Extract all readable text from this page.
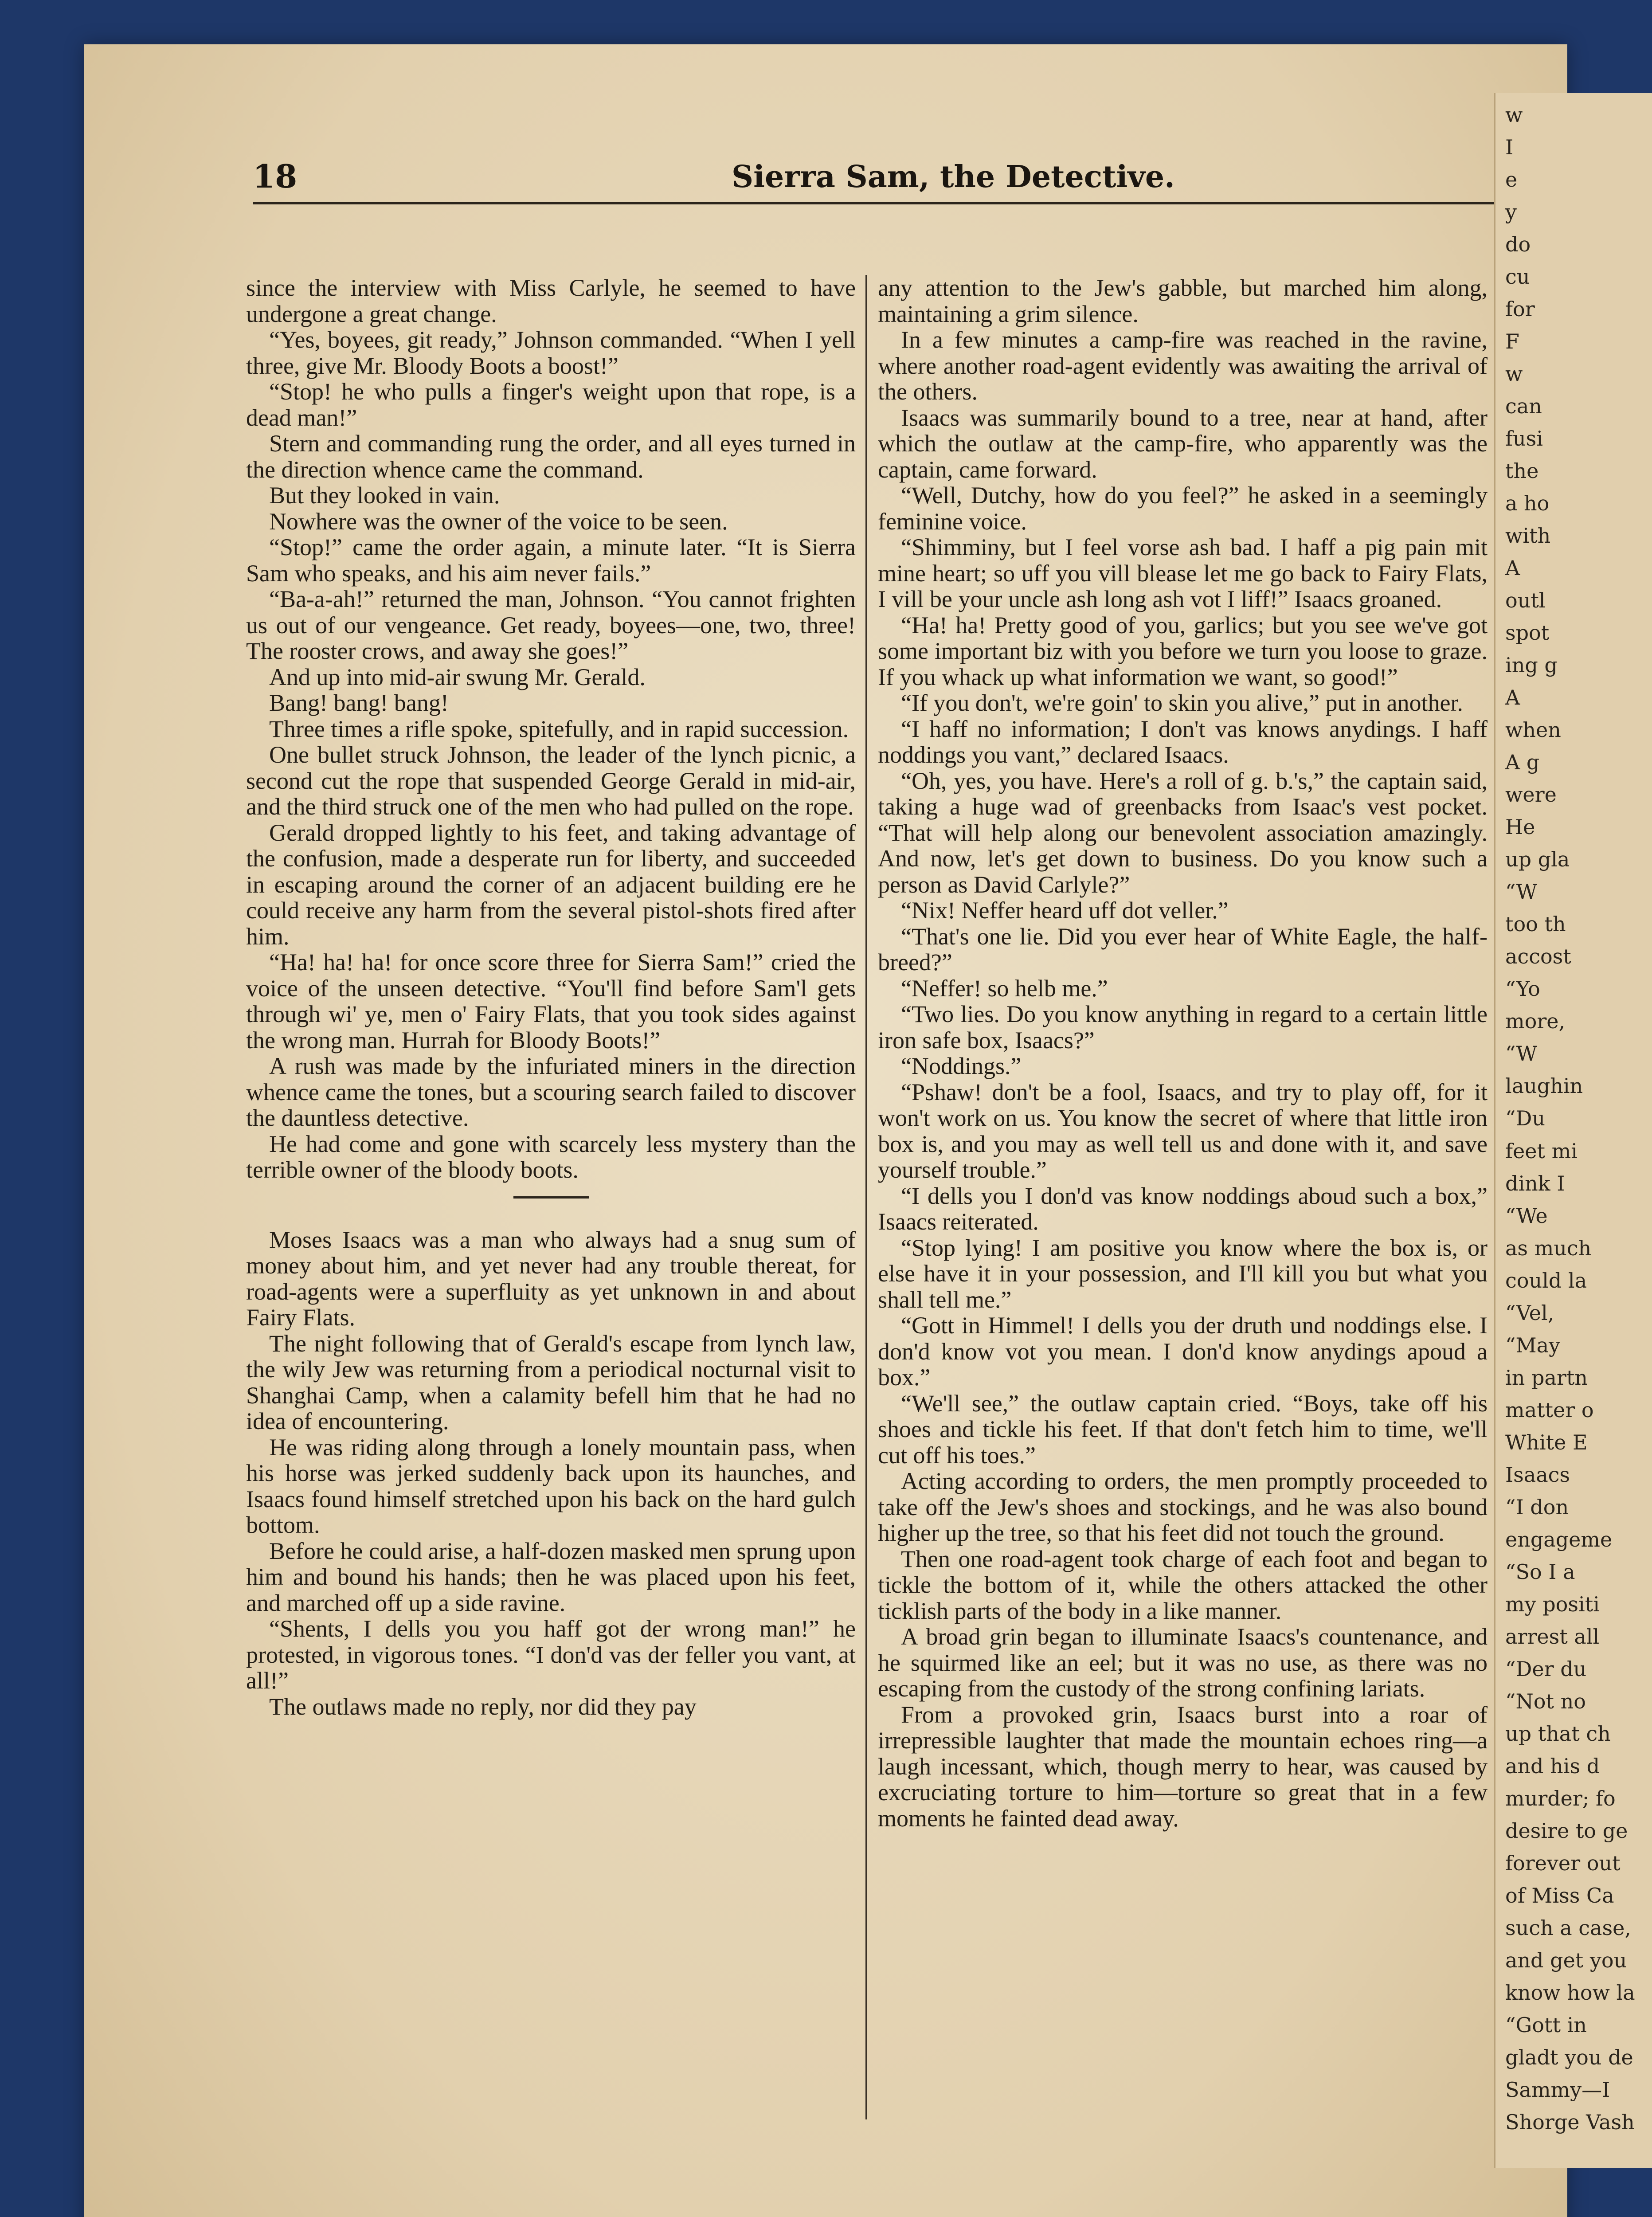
18	Sierra Sam, the Detective.

since the interview with Miss Carlyle, he seemed to have undergone a great change.

“Yes, boyees, git ready,” Johnson commanded. “When I yell three, give Mr. Bloody Boots a boost!”

“Stop! he who pulls a finger's weight upon that rope, is a dead man!”

Stern and commanding rung the order, and all eyes turned in the direction whence came the command.

But they looked in vain.

Nowhere was the owner of the voice to be seen.

“Stop!” came the order again, a minute later. “It is Sierra Sam who speaks, and his aim never fails.”

“Ba-a-ah!” returned the man, Johnson. “You cannot frighten us out of our vengeance. Get ready, boyees—one, two, three! The rooster crows, and away she goes!”

And up into mid-air swung Mr. Gerald.

Bang! bang! bang!

Three times a rifle spoke, spitefully, and in rapid succession.

One bullet struck Johnson, the leader of the lynch picnic, a second cut the rope that suspended George Gerald in mid-air, and the third struck one of the men who had pulled on the rope.

Gerald dropped lightly to his feet, and taking advantage of the confusion, made a desperate run for liberty, and succeeded in escaping around the corner of an adjacent building ere he could receive any harm from the several pistol-shots fired after him.

“Ha! ha! ha! for once score three for Sierra Sam!” cried the voice of the unseen detective. “You'll find before Sam'l gets through wi' ye, men o' Fairy Flats, that you took sides against the wrong man. Hurrah for Bloody Boots!”

A rush was made by the infuriated miners in the direction whence came the tones, but a scouring search failed to discover the dauntless detective.

He had come and gone with scarcely less mystery than the terrible owner of the bloody boots.

Moses Isaacs was a man who always had a snug sum of money about him, and yet never had any trouble thereat, for road-agents were a superfluity as yet unknown in and about Fairy Flats.

The night following that of Gerald's escape from lynch law, the wily Jew was returning from a periodical nocturnal visit to Shanghai Camp, when a calamity befell him that he had no idea of encountering.

He was riding along through a lonely mountain pass, when his horse was jerked suddenly back upon its haunches, and Isaacs found himself stretched upon his back on the hard gulch bottom.

Before he could arise, a half-dozen masked men sprung upon him and bound his hands; then he was placed upon his feet, and marched off up a side ravine.

“Shents, I dells you you haff got der wrong man!” he protested, in vigorous tones. “I don'd vas der feller you vant, at all!”

The outlaws made no reply, nor did they pay

any attention to the Jew's gabble, but marched him along, maintaining a grim silence.

In a few minutes a camp-fire was reached in the ravine, where another road-agent evidently was awaiting the arrival of the others.

Isaacs was summarily bound to a tree, near at hand, after which the outlaw at the camp-fire, who apparently was the captain, came forward.

“Well, Dutchy, how do you feel?” he asked in a seemingly feminine voice.

“Shimminy, but I feel vorse ash bad. I haff a pig pain mit mine heart; so uff you vill blease let me go back to Fairy Flats, I vill be your uncle ash long ash vot I liff!” Isaacs groaned.

“Ha! ha! Pretty good of you, garlics; but you see we've got some important biz with you before we turn you loose to graze. If you whack up what information we want, so good!”

“If you don't, we're goin' to skin you alive,” put in another.

“I haff no information; I don't vas knows anydings. I haff noddings you vant,” declared Isaacs.

“Oh, yes, you have. Here's a roll of g. b.'s,” the captain said, taking a huge wad of greenbacks from Isaac's vest pocket. “That will help along our benevolent association amazingly. And now, let's get down to business. Do you know such a person as David Carlyle?”

“Nix! Neffer heard uff dot veller.”

“That's one lie. Did you ever hear of White Eagle, the half-breed?”

“Neffer! so helb me.”

“Two lies. Do you know anything in regard to a certain little iron safe box, Isaacs?”

“Noddings.”

“Pshaw! don't be a fool, Isaacs, and try to play off, for it won't work on us. You know the secret of where that little iron box is, and you may as well tell us and done with it, and save yourself trouble.”

“I dells you I don'd vas know noddings aboud such a box,” Isaacs reiterated.

“Stop lying! I am positive you know where the box is, or else have it in your possession, and I'll kill you but what you shall tell me.”

“Gott in Himmel! I dells you der druth und noddings else. I don'd know vot you mean. I don'd know anydings apoud a box.”

“We'll see,” the outlaw captain cried. “Boys, take off his shoes and tickle his feet. If that don't fetch him to time, we'll cut off his toes.”

Acting according to orders, the men promptly proceeded to take off the Jew's shoes and stockings, and he was also bound higher up the tree, so that his feet did not touch the ground.

Then one road-agent took charge of each foot and began to tickle the bottom of it, while the others attacked the other ticklish parts of the body in a like manner.

A broad grin began to illuminate Isaacs's countenance, and he squirmed like an eel; but it was no use, as there was no escaping from the custody of the strong confining lariats.

From a provoked grin, Isaacs burst into a roar of irrepressible laughter that made the mountain echoes ring—a laugh incessant, which, though merry to hear, was caused by excruciating torture to him—torture so great that in a few moments he fainted dead away.

w
I
e
y
do
cu
for
F
w
can
fusi
the
a ho
with
A
outl
spot
ing g
A
when
A g
were
He
up gla
“W
too th
accost
“Yo
more,
“W
laughin
“Du
feet mi
dink I
“We
as much
could la
“Vel,
“May
in partn
matter o
White E
Isaacs
“I don
engageme
“So I a
my positi
arrest all
“Der du
“Not no
up that ch
and his d
murder; fo
desire to ge
forever out
of Miss Ca
such a case,
and get you
know how la
“Gott in
gladt you de
Sammy—I
Shorge Vash
